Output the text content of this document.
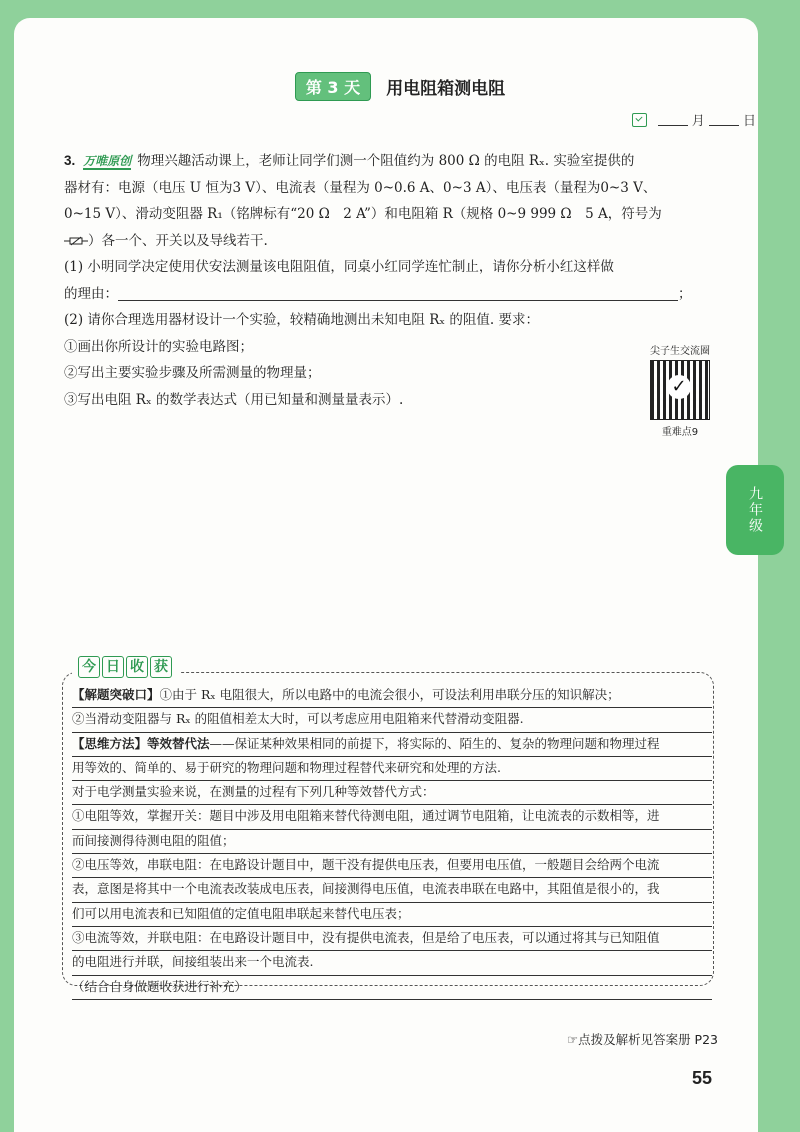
第 3 天 用电阻箱测电阻
月	日
3. 万唯原创 物理兴趣活动课上，老师让同学们测一个阻值约为 800 Ω 的电阻 Rₓ. 实验室提供的
器材有：电源（电压 U 恒为3 V）、电流表（量程为 0~0.6 A、0~3 A）、电压表（量程为0~3 V、
0~15 V）、滑动变阻器 R₁（铭牌标有“20 Ω　2 A”）和电阻箱 R（规格 0~9 999 Ω　5 A，符号为
）各一个、开关以及导线若干.
(1) 小明同学决定使用伏安法测量该电阻阻值，同桌小红同学连忙制止，请你分析小红这样做
的理由：	；
(2) 请你合理选用器材设计一个实验，较精确地测出未知电阻 Rₓ 的阻值. 要求：
①画出你所设计的实验电路图；
②写出主要实验步骤及所需测量的物理量；
③写出电阻 Rₓ 的数学表达式（用已知量和测量量表示）.
尖子生交流圈
✓
重难点9
九年级
今 日 收 获
【解题突破口】①由于 Rₓ 电阻很大，所以电路中的电流会很小，可设法利用串联分压的知识解决；
②当滑动变阻器与 Rₓ 的阻值相差太大时，可以考虑应用电阻箱来代替滑动变阻器.
【思维方法】等效替代法——保证某种效果相同的前提下，将实际的、陌生的、复杂的物理问题和物理过程
用等效的、简单的、易于研究的物理问题和物理过程替代来研究和处理的方法.
对于电学测量实验来说，在测量的过程有下列几种等效替代方式：
①电阻等效，掌握开关：题目中涉及用电阻箱来替代待测电阻，通过调节电阻箱，让电流表的示数相等，进
而间接测得待测电阻的阻值；
②电压等效，串联电阻：在电路设计题目中，题干没有提供电压表，但要用电压值，一般题目会给两个电流
表，意图是将其中一个电流表改装成电压表，间接测得电压值，电流表串联在电路中，其阻值是很小的，我
们可以用电流表和已知阻值的定值电阻串联起来替代电压表；
③电流等效，并联电阻：在电路设计题目中，没有提供电流表，但是给了电压表，可以通过将其与已知阻值
的电阻进行并联，间接组装出来一个电流表.
（结合自身做题收获进行补充）
☞点拨及解析见答案册 P23
55
